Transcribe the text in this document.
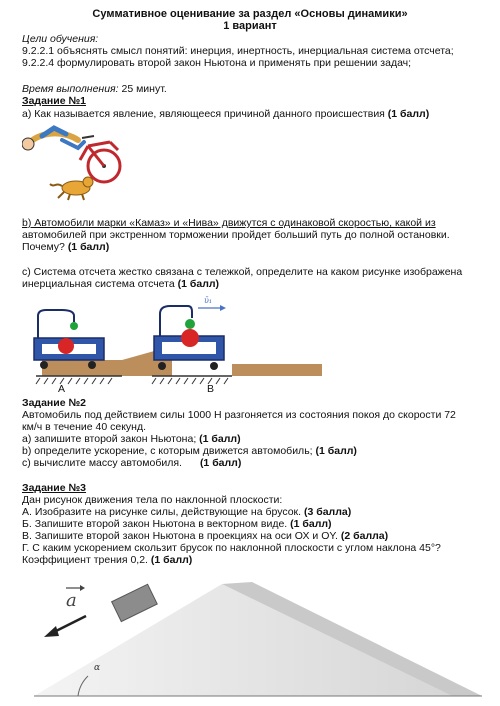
Суммативное оценивание за раздел «Основы динамики»
1 вариант
Цели обучения:
9.2.2.1 объяснять смысл понятий: инерция, инертность, инерциальная система отсчета;
9.2.2.4 формулировать второй закон Ньютона и применять при решении задач;
Время выполнения: 25 минут.
Задание №1
а) Как называется явление, являющееся причиной данного происшествия (1 балл)
b) Автомобили марки «Камаз» и «Нива» движутся с одинаковой скоростью, какой из
автомобилей при экстренном торможении пройдет больший путь до полной остановки.
Почему? (1 балл)
с) Система отсчета жестко связана с тележкой, определите на каком рисунке изображена
инерциальная система отсчета (1 балл)
ῡ₁
А	В
Задание №2
Автомобиль под действием силы 1000 Н разгоняется из состояния покоя до скорости 72
км/ч в течение 40 секунд.
а) запишите второй закон Ньютона; (1 балл)
b) определите ускорение, с которым движется автомобиль; (1 балл)
с) вычислите массу автомобиля. (1 балл)
Задание №3
Дан рисунок движения тела по наклонной плоскости:
А. Изобразите на рисунке силы, действующие на брусок. (3 балла)
Б. Запишите второй закон Ньютона в векторном виде. (1 балл)
В. Запишите второй закон Ньютона в проекциях на оси ОХ и OY. (2 балла)
Г. С каким ускорением скользит брусок по наклонной плоскости с углом наклона 45°?
Коэффициент трения 0,2. (1 балл)
a
α
